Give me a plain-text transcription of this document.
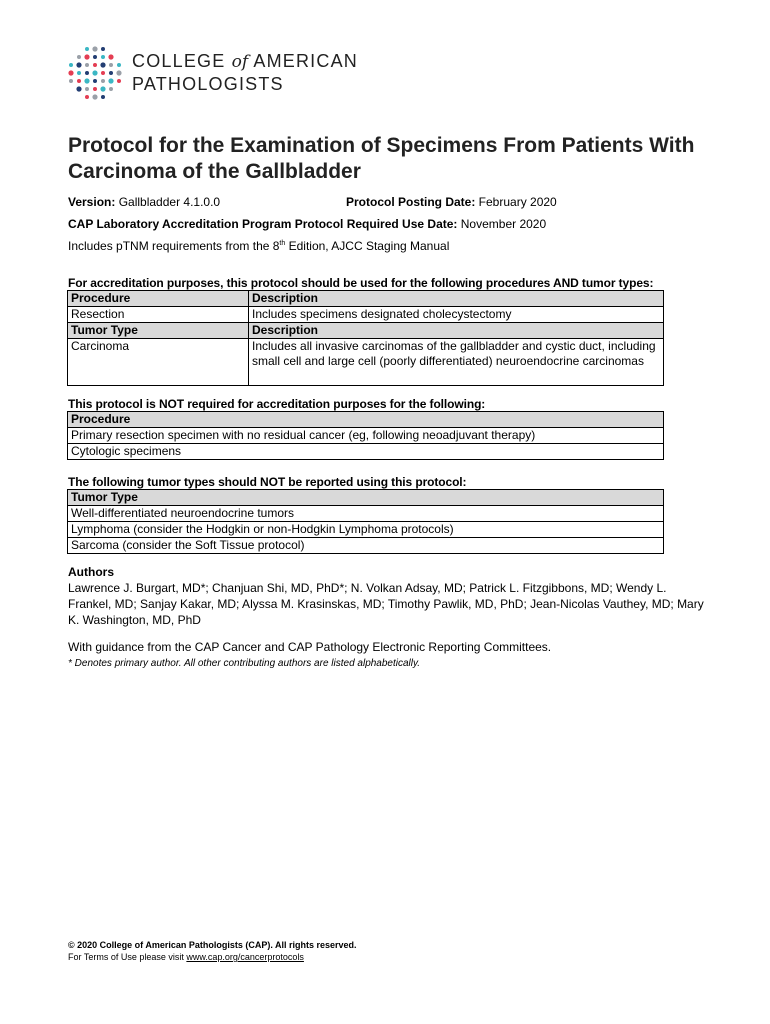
COLLEGE of AMERICAN
PATHOLOGISTS
Protocol for the Examination of Specimens From Patients With Carcinoma of the Gallbladder
Version: Gallbladder 4.1.0.0	Protocol Posting Date: February 2020
CAP Laboratory Accreditation Program Protocol Required Use Date: November 2020
Includes pTNM requirements from the 8th Edition, AJCC Staging Manual
For accreditation purposes, this protocol should be used for the following procedures AND tumor types:
Procedure	Description
Resection	Includes specimens designated cholecystectomy
Tumor Type	Description
Carcinoma	Includes all invasive carcinomas of the gallbladder and cystic duct, including small cell and large cell (poorly differentiated) neuroendocrine carcinomas
This protocol is NOT required for accreditation purposes for the following:
Procedure
Primary resection specimen with no residual cancer (eg, following neoadjuvant therapy)
Cytologic specimens
The following tumor types should NOT be reported using this protocol:
Tumor Type
Well-differentiated neuroendocrine tumors
Lymphoma (consider the Hodgkin or non-Hodgkin Lymphoma protocols)
Sarcoma (consider the Soft Tissue protocol)
Authors
Lawrence J. Burgart, MD*; Chanjuan Shi, MD, PhD*; N. Volkan Adsay, MD; Patrick L. Fitzgibbons, MD; Wendy L. Frankel, MD; Sanjay Kakar, MD; Alyssa M. Krasinskas, MD; Timothy Pawlik, MD, PhD; Jean-Nicolas Vauthey, MD; Mary K. Washington, MD, PhD
With guidance from the CAP Cancer and CAP Pathology Electronic Reporting Committees.
* Denotes primary author. All other contributing authors are listed alphabetically.
© 2020 College of American Pathologists (CAP). All rights reserved.
For Terms of Use please visit www.cap.org/cancerprotocols
